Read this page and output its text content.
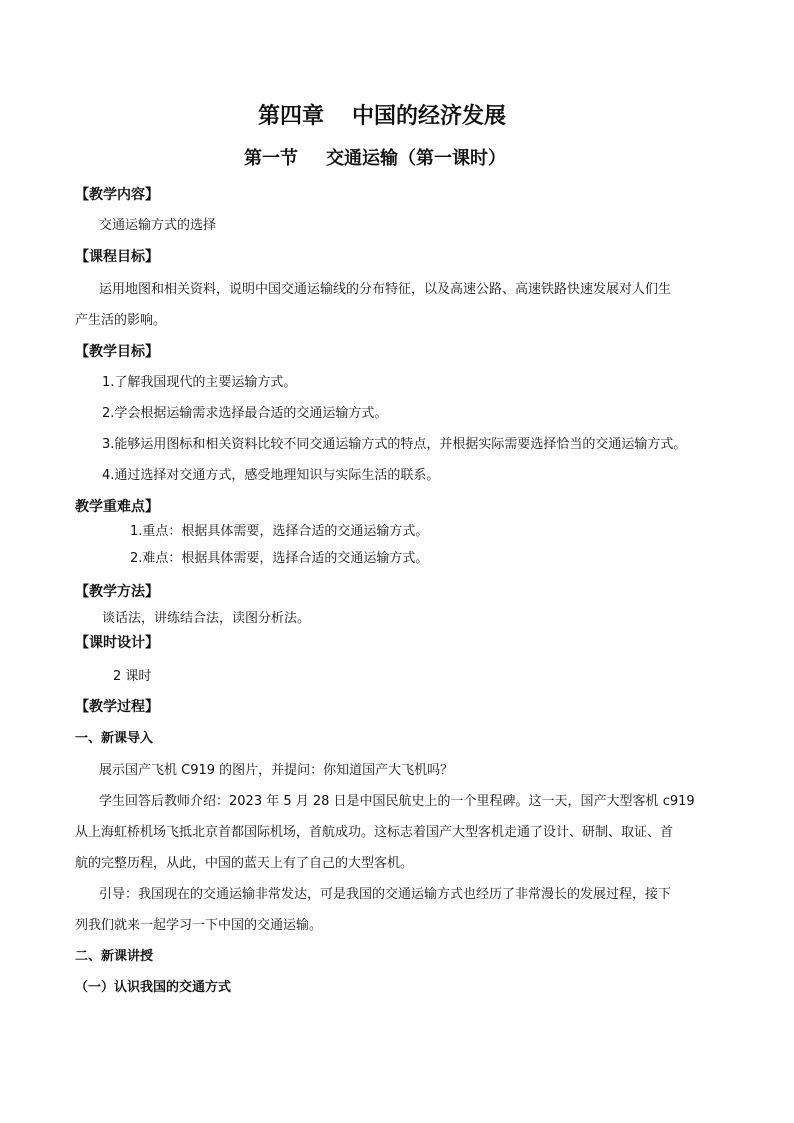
第四章 中国的经济发展
第一节 交通运输（第一课时）
【教学内容】
交通运输方式的选择
【课程目标】
运用地图和相关资料，说明中国交通运输线的分布特征，以及高速公路、高速铁路快速发展对人们生
产生活的影响。
【教学目标】
1.了解我国现代的主要运输方式。
2.学会根据运输需求选择最合适的交通运输方式。
3.能够运用图标和相关资料比较不同交通运输方式的特点，并根据实际需要选择恰当的交通运输方式。
4.通过选择对交通方式，感受地理知识与实际生活的联系。
教学重难点】
1.重点：根据具体需要，选择合适的交通运输方式。
2.难点：根据具体需要，选择合适的交通运输方式。
【教学方法】
谈话法，讲练结合法，读图分析法。
【课时设计】
2 课时
【教学过程】
一、新课导入
展示国产飞机 C919 的图片，并提问：你知道国产大飞机吗？
学生回答后教师介绍：2023 年 5 月 28 日是中国民航史上的一个里程碑。这一天，国产大型客机 c919
从上海虹桥机场飞抵北京首都国际机场，首航成功。这标志着国产大型客机走通了设计、研制、取证、首
航的完整历程，从此，中国的蓝天上有了自己的大型客机。
引导：我国现在的交通运输非常发达，可是我国的交通运输方式也经历了非常漫长的发展过程，接下
列我们就来一起学习一下中国的交通运输。
二、新课讲授
（一）认识我国的交通方式
